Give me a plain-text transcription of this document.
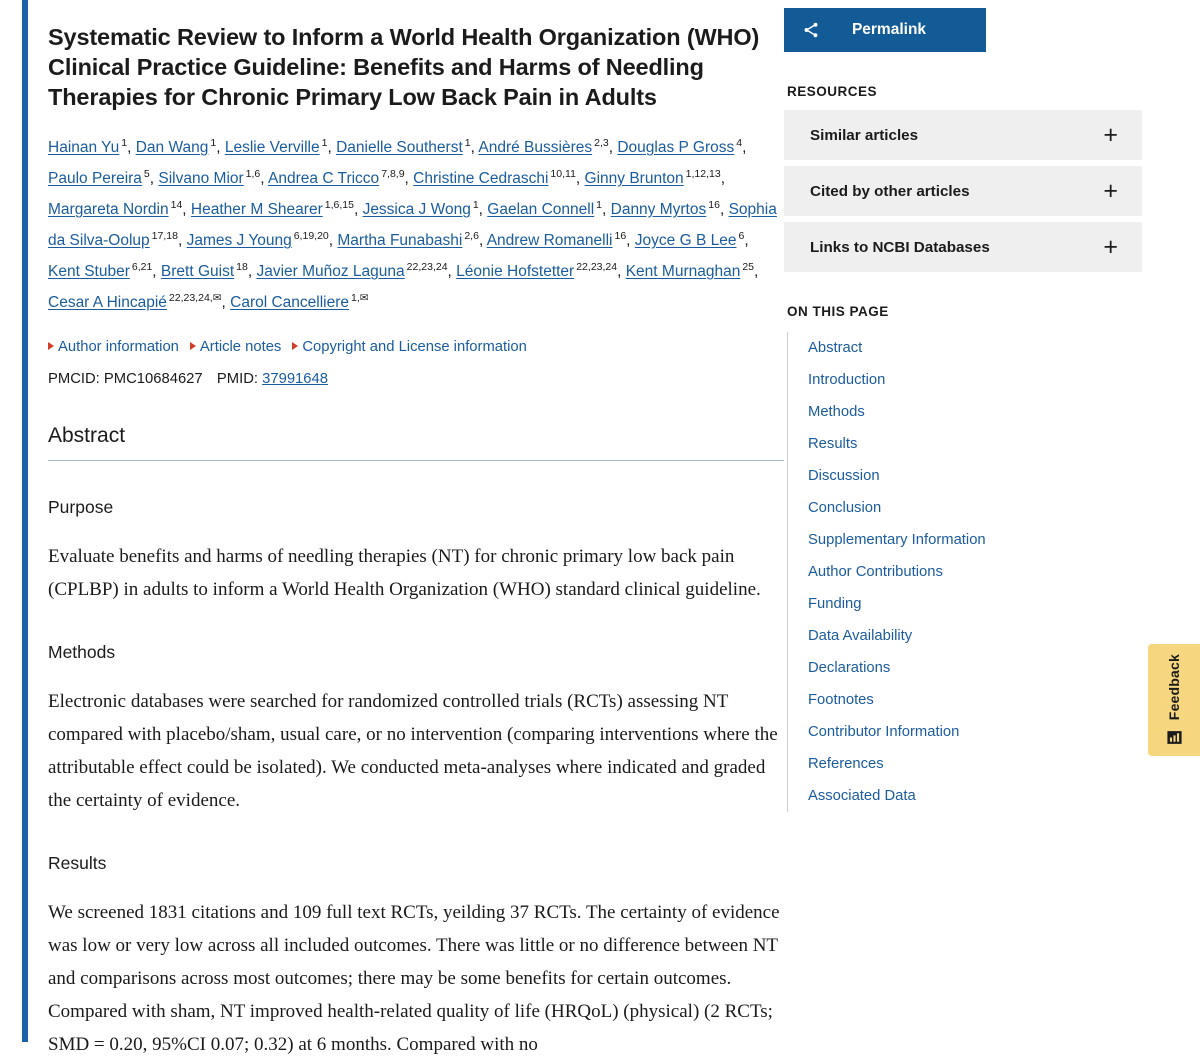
Systematic Review to Inform a World Health Organization (WHO) Clinical Practice Guideline: Benefits and Harms of Needling Therapies for Chronic Primary Low Back Pain in Adults
Hainan Yu $^1$, Dan Wang $^1$, Leslie Verville $^1$, Danielle Southerst $^1$, André Bussières $^{2,3}$, Douglas P Gross $^4$, Paulo Pereira $^5$, Silvano Mior $^{1,6}$, Andrea C Tricco $^{7,8,9}$, Christine Cedraschi $^{10,11}$, Ginny Brunton $^{1,12,13}$, Margareta Nordin $^{14}$, Heather M Shearer $^{1,6,15}$, Jessica J Wong $^1$, Gaelan Connell $^1$, Danny Myrtos $^{16}$, Sophia da Silva-Oolup $^{17,18}$, James J Young $^{6,19,20}$, Martha Funabashi $^{2,6}$, Andrew Romanelli $^{16}$, Joyce G B Lee $^6$, Kent Stuber $^{6,21}$, Brett Guist $^{18}$, Javier Muñoz Laguna $^{22,23,24}$, Léonie Hofstetter $^{22,23,24}$, Kent Murnaghan $^{25}$, Cesar A Hincapié $^{22,23,24,✉}$, Carol Cancelliere $^{1,✉}$
Author information Article notes Copyright and License information
PMCID: PMC10684627 PMID: 37991648
Abstract
Purpose

Evaluate benefits and harms of needling therapies (NT) for chronic primary low back pain (CPLBP) in adults to inform a World Health Organization (WHO) standard clinical guideline.

Methods

Electronic databases were searched for randomized controlled trials (RCTs) assessing NT compared with placebo/sham, usual care, or no intervention (comparing interventions where the attributable effect could be isolated). We conducted meta-analyses where indicated and graded the certainty of evidence.

Results

We screened 1831 citations and 109 full text RCTs, yeilding 37 RCTs. The certainty of evidence was low or very low across all included outcomes. There was little or no difference between NT and comparisons across most outcomes; there may be some benefits for certain outcomes. Compared with sham, NT improved health-related quality of life (HRQoL) (physical) (2 RCTs; SMD = 0.20, 95%CI 0.07; 0.32) at 6 months. Compared with no

Permalink
RESOURCES
Similar articles	+
Cited by other articles	+
Links to NCBI Databases	+
ON THIS PAGE
Abstract
Introduction
Methods
Results
Discussion
Conclusion
Supplementary Information
Author Contributions
Funding
Data Availability
Declarations
Footnotes
Contributor Information
References
Associated Data
Feedback
